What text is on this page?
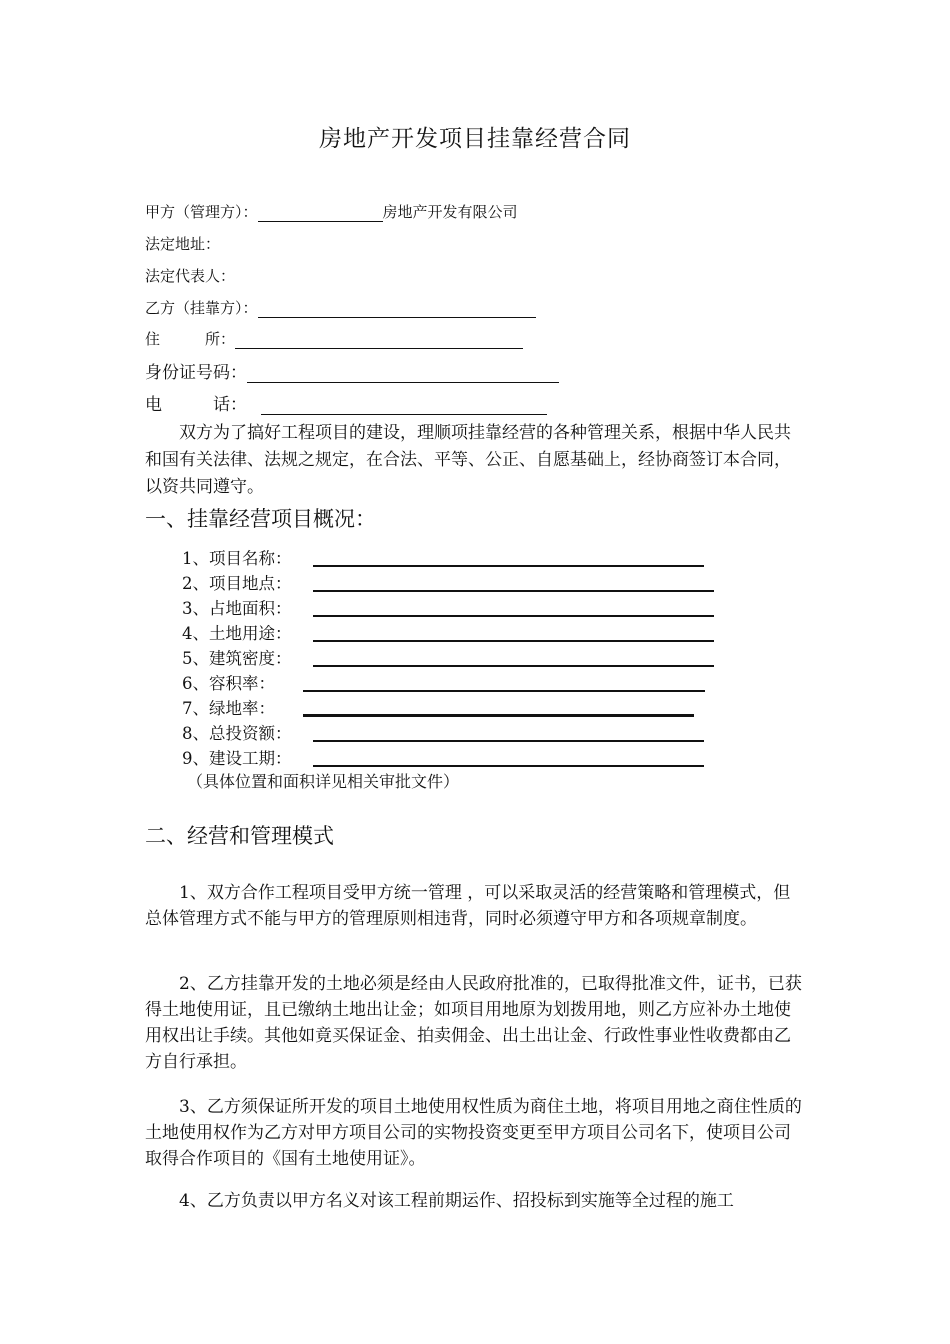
房地产开发项目挂靠经营合同
甲方（管理方）：	房地产开发有限公司
法定地址：
法定代表人：
乙方（挂靠方）：
住　　　所：
身份证号码：
电　　　话：
双方为了搞好工程项目的建设，理顺项挂靠经营的各种管理关系，根据中华人民共和国有关法律、法规之规定，在合法、平等、公正、自愿基础上，经协商签订本合同，以资共同遵守。
一、挂靠经营项目概况：
1、项目名称：
2、项目地点：
3、占地面积：
4、土地用途：
5、建筑密度：
6、容积率：
7、绿地率：
8、总投资额：
9、建设工期：
（具体位置和面积详见相关审批文件）
二、经营和管理模式
1、双方合作工程项目受甲方统一管理 ，可以采取灵活的经营策略和管理模式，但总体管理方式不能与甲方的管理原则相违背，同时必须遵守甲方和各项规章制度。
2、乙方挂靠开发的土地必须是经由人民政府批准的，已取得批准文件，证书，已获得土地使用证，且已缴纳土地出让金；如项目用地原为划拨用地，则乙方应补办土地使用权出让手续。其他如竟买保证金、拍卖佣金、出土出让金、行政性事业性收费都由乙方自行承担。
3、乙方须保证所开发的项目土地使用权性质为商住土地，将项目用地之商住性质的土地使用权作为乙方对甲方项目公司的实物投资变更至甲方项目公司名下，使项目公司取得合作项目的《国有土地使用证》。
4、乙方负责以甲方名义对该工程前期运作、招投标到实施等全过程的施工
